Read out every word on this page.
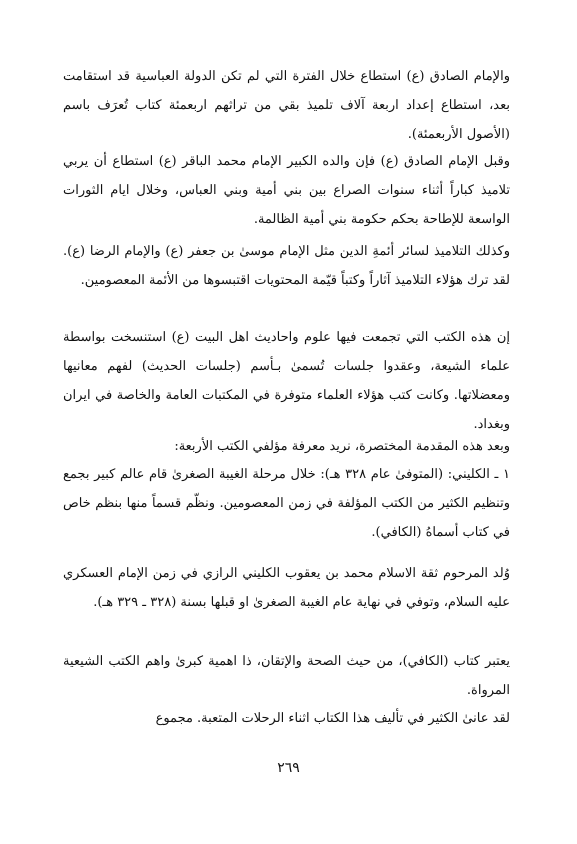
والإمام الصادق (ع) استطاع خلال الفترة التي لم تكن الدولة العباسية قد استقامت بعد، استطاع إعداد اربعة آلاف تلميذ بقي من تراثهم اربعمئة كتاب تُعرَف باسم (الأصول الأربعمئة).
وقبل الإمام الصادق (ع) فإن والده الكبير الإمام محمد الباقر (ع) استطاع أن يربي تلاميذ كباراً أثناء سنوات الصراع بين بني أمية وبني العباس، وخلال ايام الثورات الواسعة للإطاحة بحكم حكومة بني أمية الظالمة.
وكذلك التلاميذ لسائر أئمةِ الدين مثل الإمام موسىٰ بن جعفر (ع) والإمام الرضا (ع). لقد ترك هؤلاء التلاميذ آثاراً وكتباً قيّمة المحتويات اقتبسوها من الأئمة المعصومين.
إن هذه الكتب التي تجمعت فيها علوم واحاديث اهل البيت (ع) استنسخت بواسطة علماء الشيعة، وعقدوا جلسات تُسمىٰ بـأسم (جلسات الحديث) لفهم معانيها ومعضلاتها. وكانت كتب هؤلاء العلماء متوفرة في المكتبات العامة والخاصة في ايران وبغداد.
وبعد هذه المقدمة المختصرة، نريد معرفة مؤلفي الكتب الأربعة:
١ ـ الكليني: (المتوفىٰ عام ٣٢٨ هـ): خلال مرحلة الغيبة الصغرىٰ قام عالم كبير بجمع وتنظيم الكثير من الكتب المؤلفة في زمن المعصومين. ونظّم قسماً منها بنظم خاص في كتاب أسماهُ (الكافي).
وُلد المرحوم ثقة الاسلام محمد بن يعقوب الكليني الرازي في زمن الإمام العسكري عليه السلام، وتوفي في نهاية عام الغيبة الصغرىٰ او قبلها بسنة (٣٢٨ ـ ٣٢٩ هـ).
يعتبر كتاب (الكافي)، من حيث الصحة والإتقان، ذا اهمية كبرىٰ واهم الكتب الشيعية المرواة.
لقد عانىٰ الكثير في تأليف هذا الكتاب اثناء الرحلات المتعبة. مجموع
٢٦٩
